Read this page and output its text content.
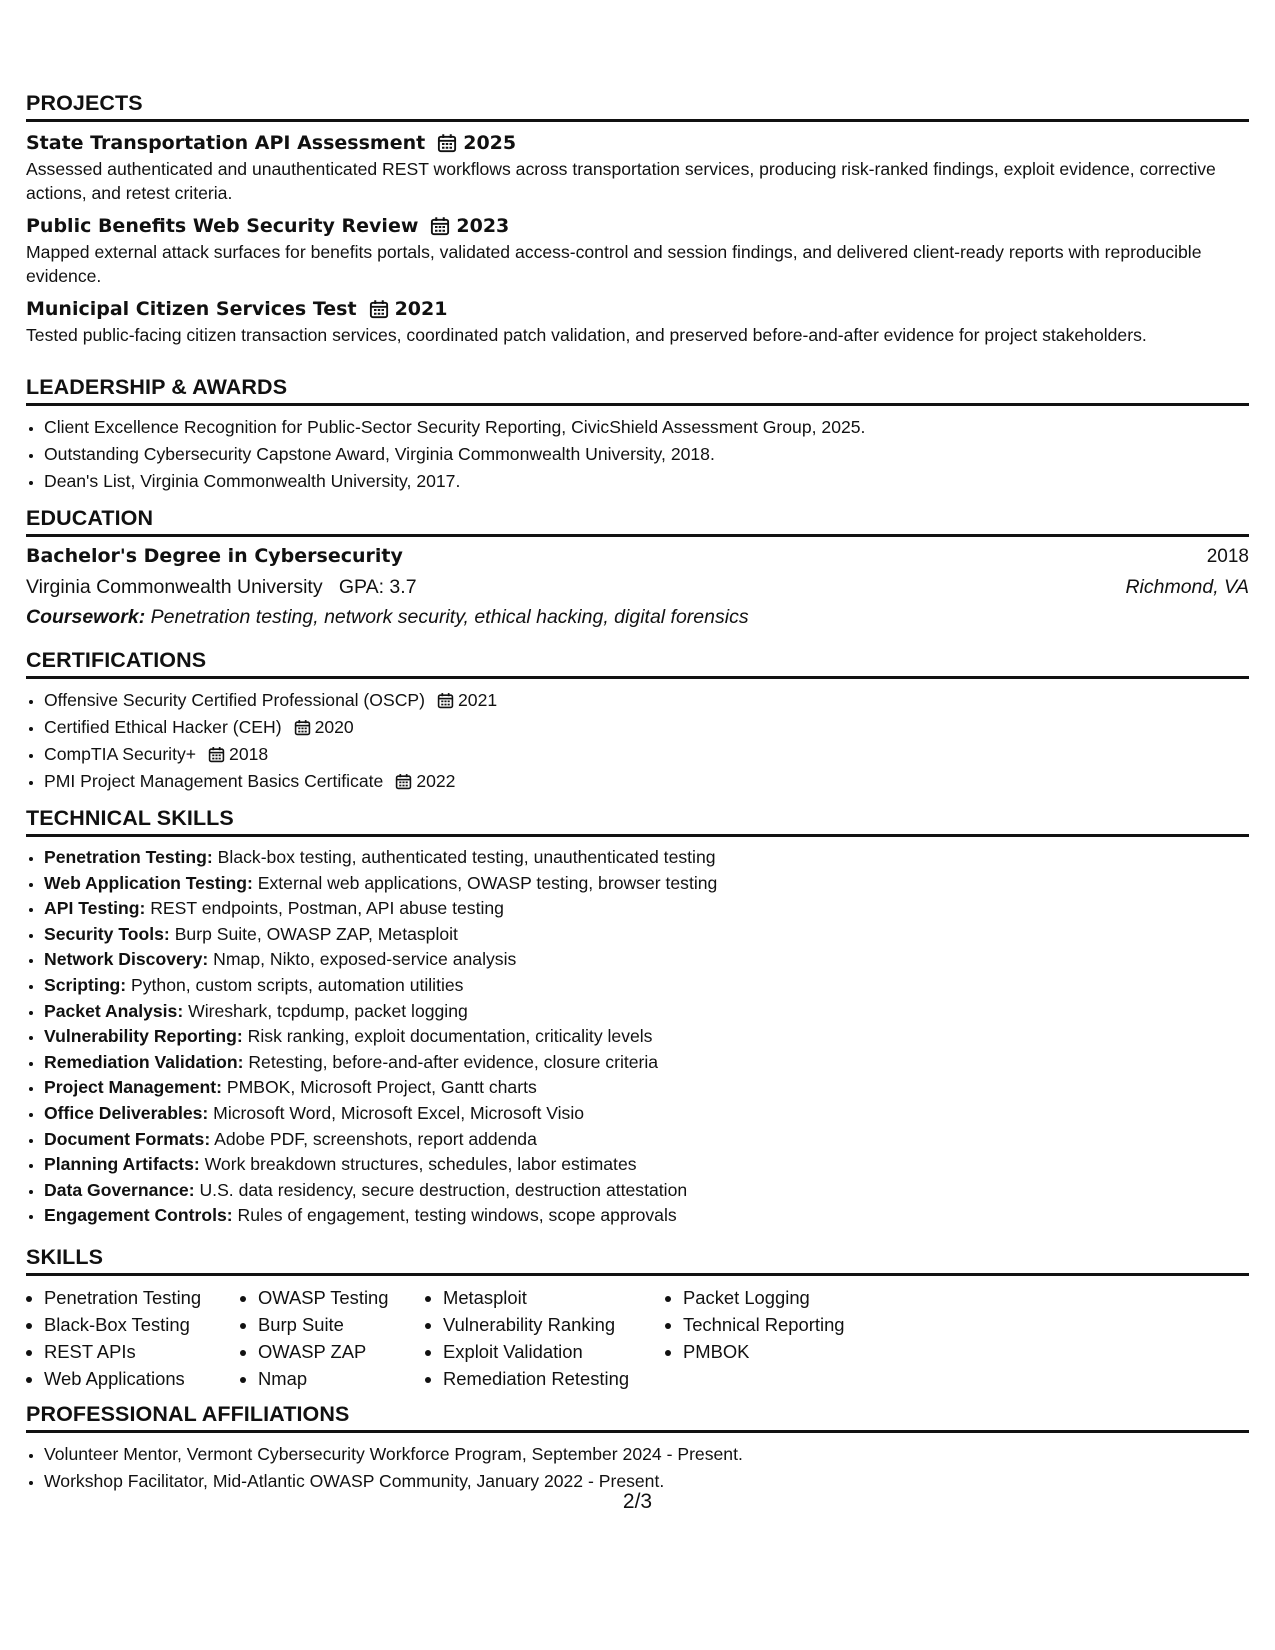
PROJECTS
State Transportation API Assessment 2025
Assessed authenticated and unauthenticated REST workflows across transportation services, producing risk-ranked findings, exploit evidence, corrective actions, and retest criteria.
Public Benefits Web Security Review 2023
Mapped external attack surfaces for benefits portals, validated access-control and session findings, and delivered client-ready reports with reproducible evidence.
Municipal Citizen Services Test 2021
Tested public-facing citizen transaction services, coordinated patch validation, and preserved before-and-after evidence for project stakeholders.
LEADERSHIP & AWARDS
• Client Excellence Recognition for Public-Sector Security Reporting, CivicShield Assessment Group, 2025.
• Outstanding Cybersecurity Capstone Award, Virginia Commonwealth University, 2018.
• Dean's List, Virginia Commonwealth University, 2017.
EDUCATION
Bachelor's Degree in Cybersecurity	2018
Virginia Commonwealth University GPA: 3.7	Richmond, VA
Coursework: Penetration testing, network security, ethical hacking, digital forensics
CERTIFICATIONS
• Offensive Security Certified Professional (OSCP) 2021
• Certified Ethical Hacker (CEH) 2020
• CompTIA Security+ 2018
• PMI Project Management Basics Certificate 2022
TECHNICAL SKILLS
• Penetration Testing: Black-box testing, authenticated testing, unauthenticated testing
• Web Application Testing: External web applications, OWASP testing, browser testing
• API Testing: REST endpoints, Postman, API abuse testing
• Security Tools: Burp Suite, OWASP ZAP, Metasploit
• Network Discovery: Nmap, Nikto, exposed-service analysis
• Scripting: Python, custom scripts, automation utilities
• Packet Analysis: Wireshark, tcpdump, packet logging
• Vulnerability Reporting: Risk ranking, exploit documentation, criticality levels
• Remediation Validation: Retesting, before-and-after evidence, closure criteria
• Project Management: PMBOK, Microsoft Project, Gantt charts
• Office Deliverables: Microsoft Word, Microsoft Excel, Microsoft Visio
• Document Formats: Adobe PDF, screenshots, report addenda
• Planning Artifacts: Work breakdown structures, schedules, labor estimates
• Data Governance: U.S. data residency, secure destruction, destruction attestation
• Engagement Controls: Rules of engagement, testing windows, scope approvals
SKILLS
• Penetration Testing
• Black-Box Testing
• REST APIs
• Web Applications
• OWASP Testing
• Burp Suite
• OWASP ZAP
• Nmap
• Metasploit
• Vulnerability Ranking
• Exploit Validation
• Remediation Retesting
• Packet Logging
• Technical Reporting
• PMBOK
PROFESSIONAL AFFILIATIONS
• Volunteer Mentor, Vermont Cybersecurity Workforce Program, September 2024 - Present.
• Workshop Facilitator, Mid-Atlantic OWASP Community, January 2022 - Present.
2/3
